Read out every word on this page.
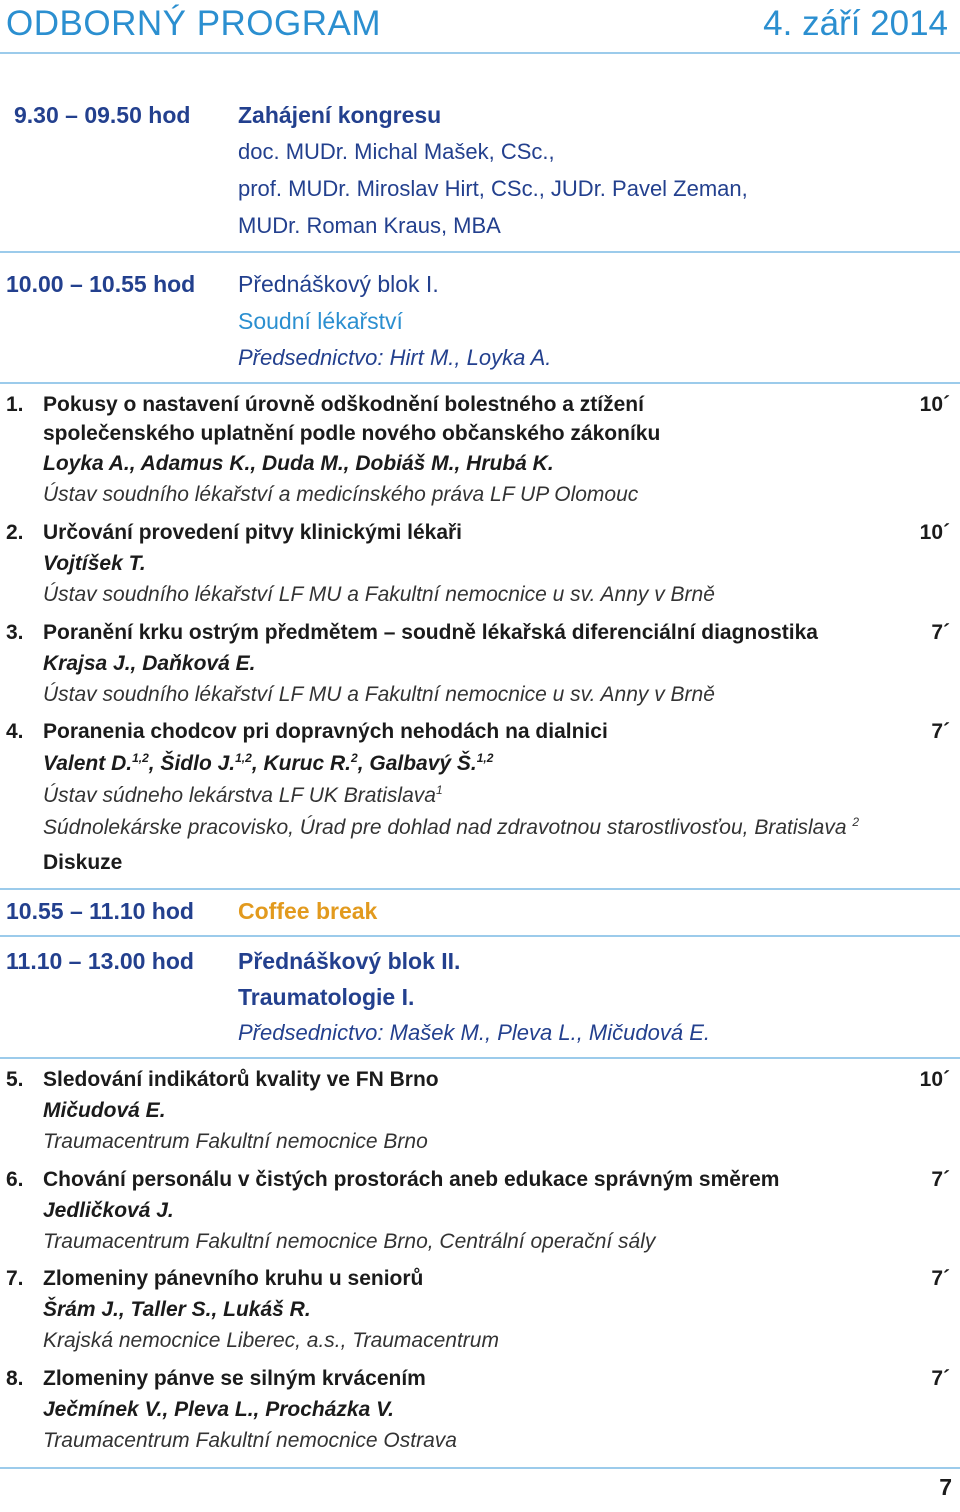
ODBORNÝ PROGRAM	4. září 2014
9.30 – 09.50 hod Zahájení kongresu
doc. MUDr. Michal Mašek, CSc.,
prof. MUDr. Miroslav Hirt, CSc., JUDr. Pavel Zeman,
MUDr. Roman Kraus, MBA
10.00 – 10.55 hod Přednáškový blok I.
Soudní lékařství
Předsednictvo: Hirt M., Loyka A.
1. Pokusy o nastavení úrovně odškodnění bolestného a ztížení
společenského uplatnění podle nového občanského zákoníku
Loyka A., Adamus K., Duda M., Dobiáš M., Hrubá K.
Ústav soudního lékařství a medicínského práva LF UP Olomouc
10´
2. Určování provedení pitvy klinickými lékaři
Vojtíšek T.
Ústav soudního lékařství LF MU a Fakultní nemocnice u sv. Anny v Brně
10´
3. Poranění krku ostrým předmětem – soudně lékařská diferenciální diagnostika
Krajsa J., Daňková E.
Ústav soudního lékařství LF MU a Fakultní nemocnice u sv. Anny v Brně
7´
4. Poranenia chodcov pri dopravných nehodách na dialnici
Valent D.$^{1,2}$, Šidlo J.$^{1,2}$, Kuruc R.$^2$, Galbavý Š.$^{1,2}$
Ústav súdneho lekárstva LF UK Bratislava$^1$
Súdnolekárske pracovisko, Úrad pre dohlad nad zdravotnou starostlivosťou, Bratislava $^2$
7´
Diskuze
10.55 – 11.10 hod Coffee break
11.10 – 13.00 hod Přednáškový blok II.
Traumatologie I.
Předsednictvo: Mašek M., Pleva L., Mičudová E.
5. Sledování indikátorů kvality ve FN Brno
Mičudová E.
Traumacentrum Fakultní nemocnice Brno
10´
6. Chování personálu v čistých prostorách aneb edukace správným směrem
Jedličková J.
Traumacentrum Fakultní nemocnice Brno, Centrální operační sály
7´
7. Zlomeniny pánevního kruhu u seniorů
Šrám J., Taller S., Lukáš R.
Krajská nemocnice Liberec, a.s., Traumacentrum
7´
8. Zlomeniny pánve se silným krvácením
Ječmínek V., Pleva L., Procházka V.
Traumacentrum Fakultní nemocnice Ostrava
7´
7
